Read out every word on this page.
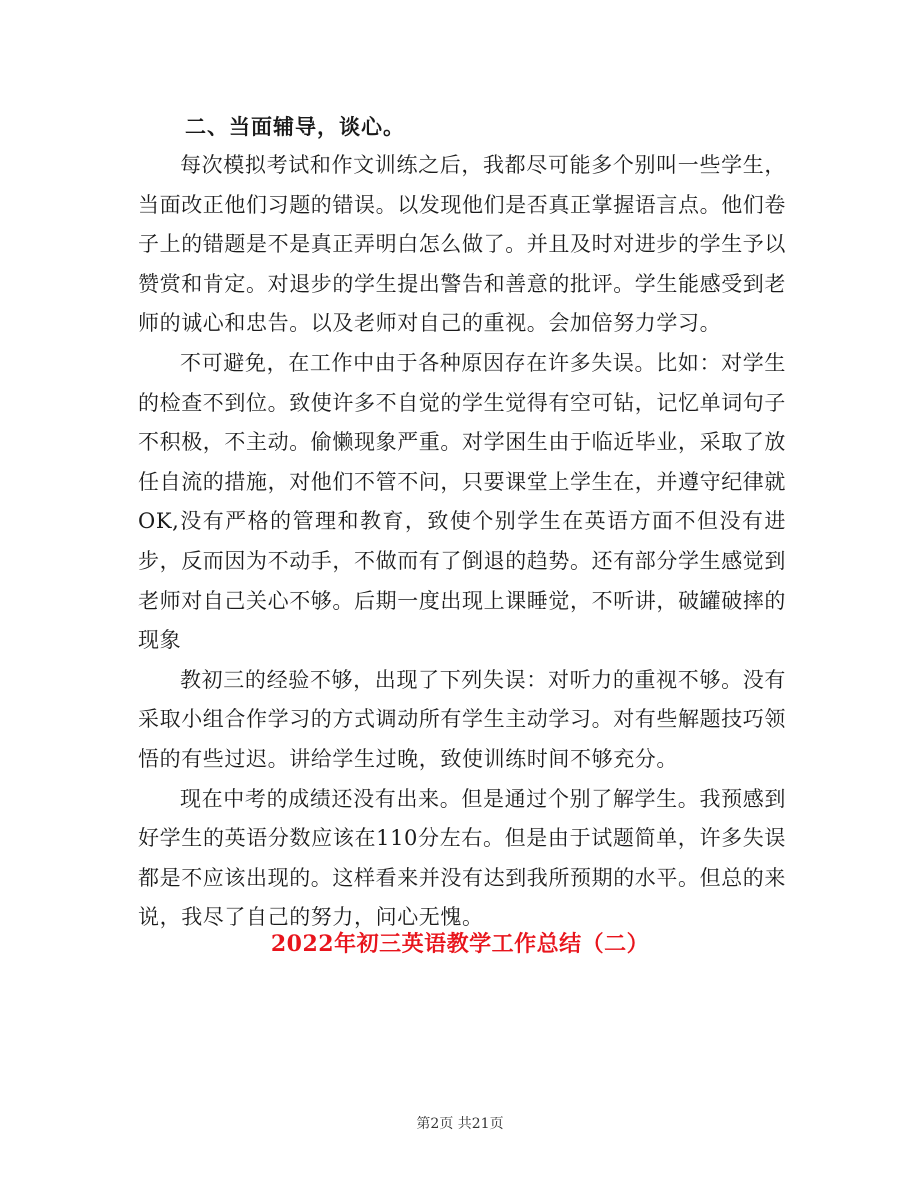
二、当面辅导，谈心。

每次模拟考试和作文训练之后，我都尽可能多个别叫一些学生，当面改正他们习题的错误。以发现他们是否真正掌握语言点。他们卷子上的错题是不是真正弄明白怎么做了。并且及时对进步的学生予以赞赏和肯定。对退步的学生提出警告和善意的批评。学生能感受到老师的诚心和忠告。以及老师对自己的重视。会加倍努力学习。

不可避免，在工作中由于各种原因存在许多失误。比如：对学生的检查不到位。致使许多不自觉的学生觉得有空可钻，记忆单词句子不积极，不主动。偷懒现象严重。对学困生由于临近毕业，采取了放任自流的措施，对他们不管不问，只要课堂上学生在，并遵守纪律就OK,没有严格的管理和教育，致使个别学生在英语方面不但没有进步，反而因为不动手，不做而有了倒退的趋势。还有部分学生感觉到老师对自己关心不够。后期一度出现上课睡觉，不听讲，破罐破摔的现象

教初三的经验不够，出现了下列失误：对听力的重视不够。没有采取小组合作学习的方式调动所有学生主动学习。对有些解题技巧领悟的有些过迟。讲给学生过晚，致使训练时间不够充分。

现在中考的成绩还没有出来。但是通过个别了解学生。我预感到好学生的英语分数应该在110分左右。但是由于试题简单，许多失误都是不应该出现的。这样看来并没有达到我所预期的水平。但总的来说，我尽了自己的努力，问心无愧。

2022年初三英语教学工作总结（二）
第2页 共21页
